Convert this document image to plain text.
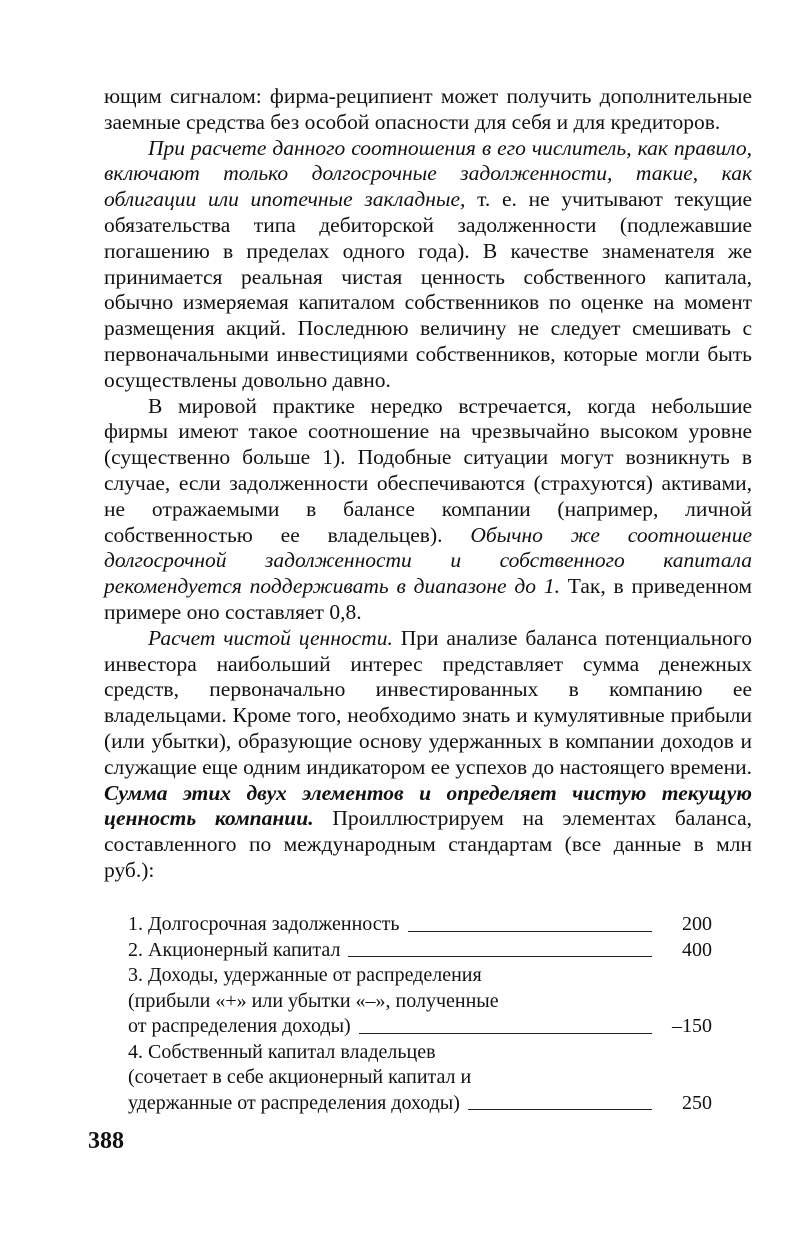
ющим сигналом: фирма-реципиент может получить дополнительные заемные средства без особой опасности для себя и для кредиторов.

При расчете данного соотношения в его числитель, как правило, включают только долгосрочные задолженности, такие, как облигации или ипотечные закладные, т. е. не учитывают текущие обязательства типа дебиторской задолженности (подлежавшие погашению в пределах одного года). В качестве знаменателя же принимается реальная чистая ценность собственного капитала, обычно измеряемая капиталом собственников по оценке на момент размещения акций. Последнюю величину не следует смешивать с первоначальными инвестициями собственников, которые могли быть осуществлены довольно давно.

В мировой практике нередко встречается, когда небольшие фирмы имеют такое соотношение на чрезвычайно высоком уровне (существенно больше 1). Подобные ситуации могут возникнуть в случае, если задолженности обеспечиваются (страхуются) активами, не отражаемыми в балансе компании (например, личной собственностью ее владельцев). Обычно же соотношение долгосрочной задолженности и собственного капитала рекомендуется поддерживать в диапазоне до 1. Так, в приведенном примере оно составляет 0,8.

Расчет чистой ценности. При анализе баланса потенциального инвестора наибольший интерес представляет сумма денежных средств, первоначально инвестированных в компанию ее владельцами. Кроме того, необходимо знать и кумулятивные прибыли (или убытки), образующие основу удержанных в компании доходов и служащие еще одним индикатором ее успехов до настоящего времени. Сумма этих двух элементов и определяет чистую текущую ценность компании. Проиллюстрируем на элементах баланса, составленного по международным стандартам (все данные в млн руб.):

1. Долгосрочная задолженность	200
2. Акционерный капитал	400
3. Доходы, удержанные от распределения
(прибыли «+» или убытки «–», полученные
от распределения доходы)	–150
4. Собственный капитал владельцев
(сочетает в себе акционерный капитал и
удержанные от распределения доходы)	250
388
